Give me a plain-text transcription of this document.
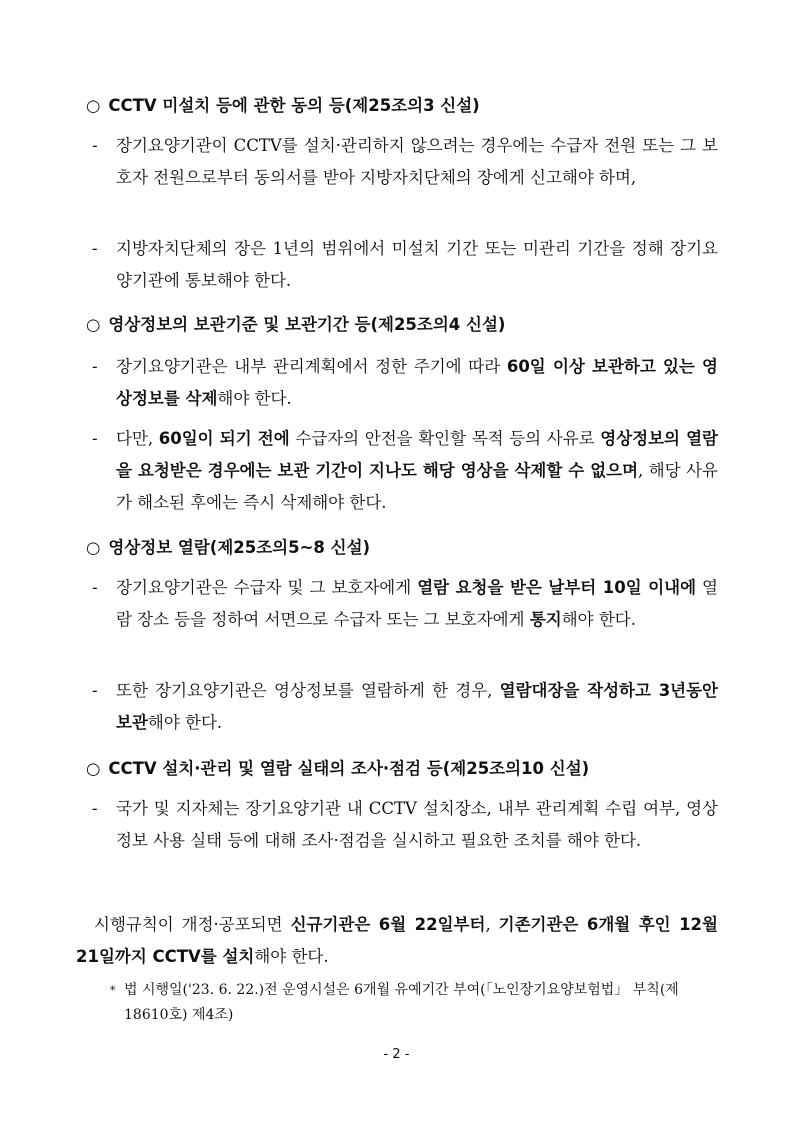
○ CCTV 미설치 등에 관한 동의 등(제25조의3 신설)
- 장기요양기관이 CCTV를 설치·관리하지 않으려는 경우에는 수급자 전원 또는 그 보호자 전원으로부터 동의서를 받아 지방자치단체의 장에게 신고해야 하며,
- 지방자치단체의 장은 1년의 범위에서 미설치 기간 또는 미관리 기간을 정해 장기요양기관에 통보해야 한다.
○ 영상정보의 보관기준 및 보관기간 등(제25조의4 신설)
- 장기요양기관은 내부 관리계획에서 정한 주기에 따라 60일 이상 보관하고 있는 영상정보를 삭제해야 한다.
- 다만, 60일이 되기 전에 수급자의 안전을 확인할 목적 등의 사유로 영상정보의 열람을 요청받은 경우에는 보관 기간이 지나도 해당 영상을 삭제할 수 없으며, 해당 사유가 해소된 후에는 즉시 삭제해야 한다.
○ 영상정보 열람(제25조의5~8 신설)
- 장기요양기관은 수급자 및 그 보호자에게 열람 요청을 받은 날부터 10일 이내에 열람 장소 등을 정하여 서면으로 수급자 또는 그 보호자에게 통지해야 한다.
- 또한 장기요양기관은 영상정보를 열람하게 한 경우, 열람대장을 작성하고 3년동안 보관해야 한다.
○ CCTV 설치·관리 및 열람 실태의 조사·점검 등(제25조의10 신설)
- 국가 및 지자체는 장기요양기관 내 CCTV 설치장소, 내부 관리계획 수립 여부, 영상정보 사용 실태 등에 대해 조사·점검을 실시하고 필요한 조치를 해야 한다.
시행규칙이 개정·공포되면 신규기관은 6월 22일부터, 기존기관은 6개월 후인 12월 21일까지 CCTV를 설치해야 한다.
* 법 시행일('23. 6. 22.)전 운영시설은 6개월 유예기간 부여(「노인장기요양보험법」 부칙(제18610호) 제4조)
- 2 -
